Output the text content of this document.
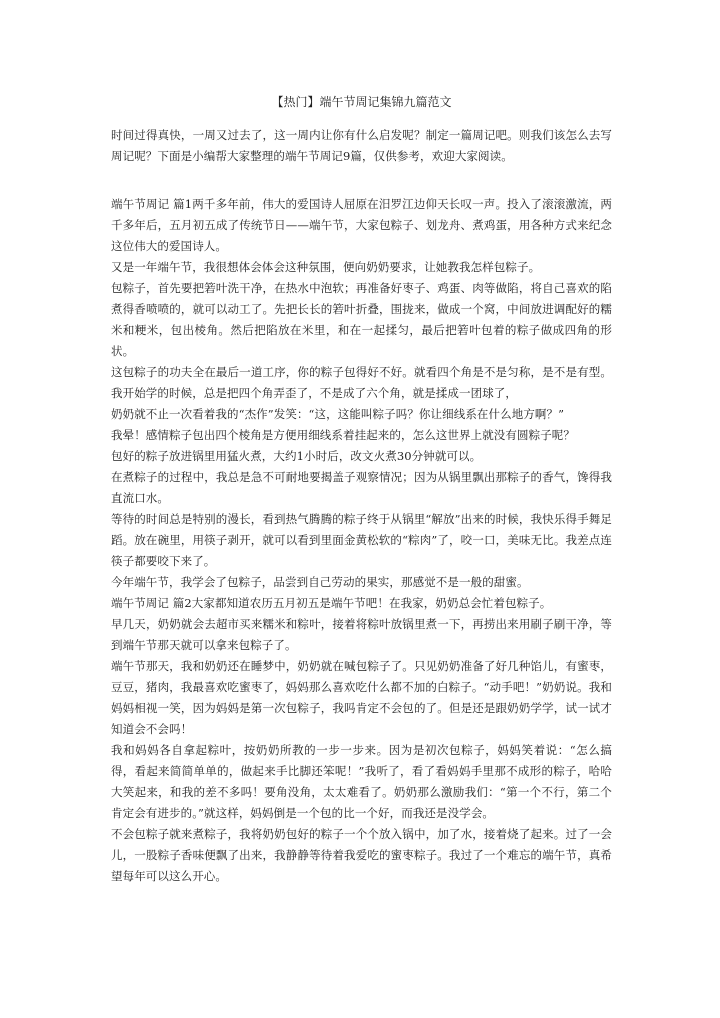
【热门】端午节周记集锦九篇范文

时间过得真快，一周又过去了，这一周内让你有什么启发呢？制定一篇周记吧。则我们该怎么去写周记呢？下面是小编帮大家整理的端午节周记9篇，仅供参考，欢迎大家阅读。

端午节周记 篇1两千多年前，伟大的爱国诗人屈原在汨罗江边仰天长叹一声。投入了滚滚激流，两千多年后，五月初五成了传统节日——端午节，大家包粽子、划龙舟、煮鸡蛋，用各种方式来纪念这位伟大的爱国诗人。

又是一年端午节，我很想体会体会这种氛围，便向奶奶要求，让她教我怎样包粽子。

包粽子，首先要把箬叶洗干净，在热水中泡软；再准备好枣子、鸡蛋、肉等做陷，将自己喜欢的陷煮得香喷喷的，就可以动工了。先把长长的箬叶折叠，围拢来，做成一个窝，中间放进调配好的糯米和粳米，包出棱角。然后把陷放在米里，和在一起揉匀，最后把箬叶包着的粽子做成四角的形状。

这包粽子的功夫全在最后一道工序，你的粽子包得好不好。就看四个角是不是匀称，是不是有型。我开始学的时候，总是把四个角弄歪了，不是成了六个角，就是揉成一团球了，

奶奶就不止一次看着我的“杰作”发笑：“这，这能叫粽子吗？你让细线系在什么地方啊？”

我晕！感情粽子包出四个棱角是方便用细线系着挂起来的，怎么这世界上就没有圆粽子呢？

包好的粽子放进锅里用猛火煮，大约1小时后，改文火煮30分钟就可以。

在煮粽子的过程中，我总是急不可耐地要揭盖子观察情况；因为从锅里飘出那粽子的香气，馋得我直流口水。

等待的时间总是特别的漫长，看到热气腾腾的粽子终于从锅里“解放”出来的时候，我快乐得手舞足蹈。放在碗里，用筷子剥开，就可以看到里面金黄松软的“粽肉”了，咬一口，美味无比。我差点连筷子都要咬下来了。

今年端午节，我学会了包粽子，品尝到自己劳动的果实，那感觉不是一般的甜蜜。

端午节周记 篇2大家都知道农历五月初五是端午节吧！在我家，奶奶总会忙着包粽子。

早几天，奶奶就会去超市买来糯米和粽叶，接着将粽叶放锅里煮一下，再捞出来用刷子刷干净，等到端午节那天就可以拿来包粽子了。

端午节那天，我和奶奶还在睡梦中，奶奶就在喊包粽子了。只见奶奶准备了好几种馅儿，有蜜枣，豆豆，猪肉，我最喜欢吃蜜枣了，妈妈那么喜欢吃什么都不加的白粽子。“动手吧！”奶奶说。我和妈妈相视一笑，因为妈妈是第一次包粽子，我吗肯定不会包的了。但是还是跟奶奶学学，试一试才知道会不会吗！

我和妈妈各自拿起粽叶，按奶奶所教的一步一步来。因为是初次包粽子，妈妈笑着说：“怎么搞得，看起来简简单单的，做起来手比脚还笨呢！”我听了，看了看妈妈手里那不成形的粽子，哈哈大笑起来，和我的差不多吗！要角没角，太太难看了。奶奶那么激励我们：“第一个不行，第二个肯定会有进步的。”就这样，妈妈倒是一个包的比一个好，而我还是没学会。

不会包粽子就来煮粽子，我将奶奶包好的粽子一个个放入锅中，加了水，接着烧了起来。过了一会儿，一股粽子香味便飘了出来，我静静等待着我爱吃的蜜枣粽子。我过了一个难忘的端午节，真希望每年可以这么开心。
